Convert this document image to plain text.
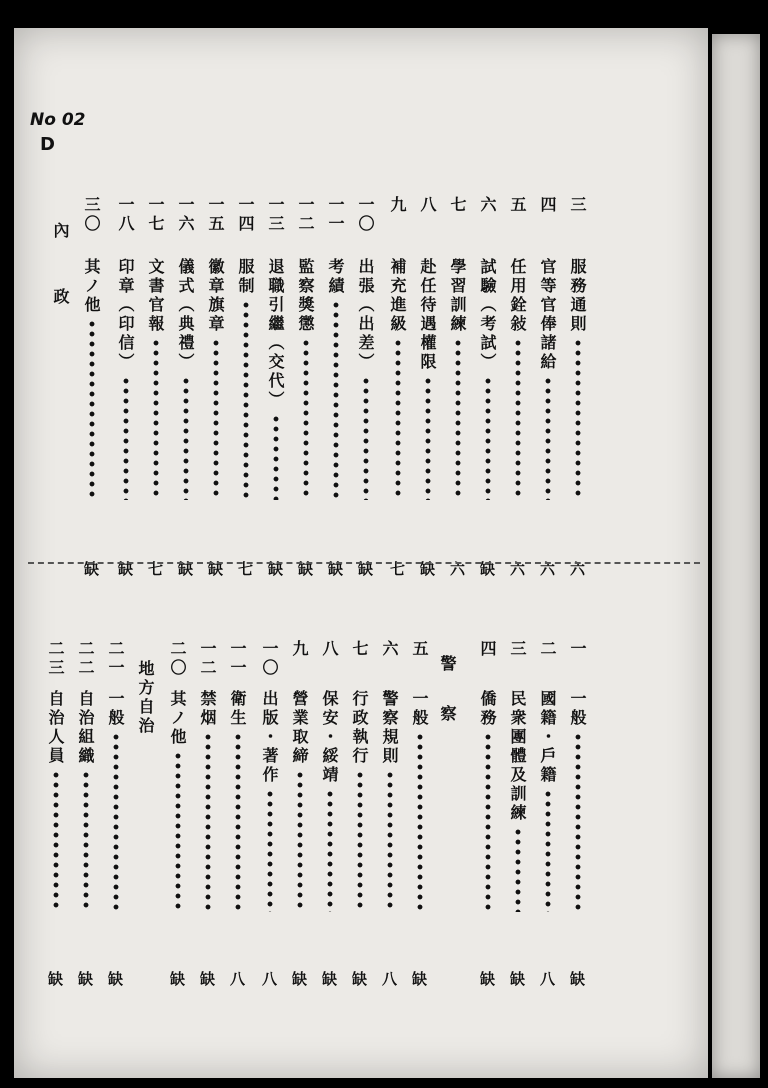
No 02

D

三
服務通則
六
四
官等官俸諸給
六
五
任用銓敍
六
六
試驗（考試）
缺
七
學習訓練
六
八
赴任待遇權限
缺
九
補充進級
七
一〇
出張（出差）
缺
一一
考績
缺
一二
監察獎懲
缺
一三
退職引繼（交代）
缺
一四
服制
七
一五
徽章旗章
缺
一六
儀式（典禮）
缺
一七
文書官報
七
一八
印章（印信）
缺
三〇
其ノ他
缺
內政
一
一般
缺
二
國籍・戶籍
八
三
民衆團體及訓練
缺
四
僑務
缺
警察
五
一般
缺
六
警察規則
八
七
行政執行
缺
八
保安・綏靖
缺
九
營業取締
缺
一〇
出版・著作
八
一一
衛生
八
一二
禁烟
缺
二〇
其ノ他
缺
地方自治
二一
一般
缺
二二
自治組織
缺
二三
自治人員
缺
